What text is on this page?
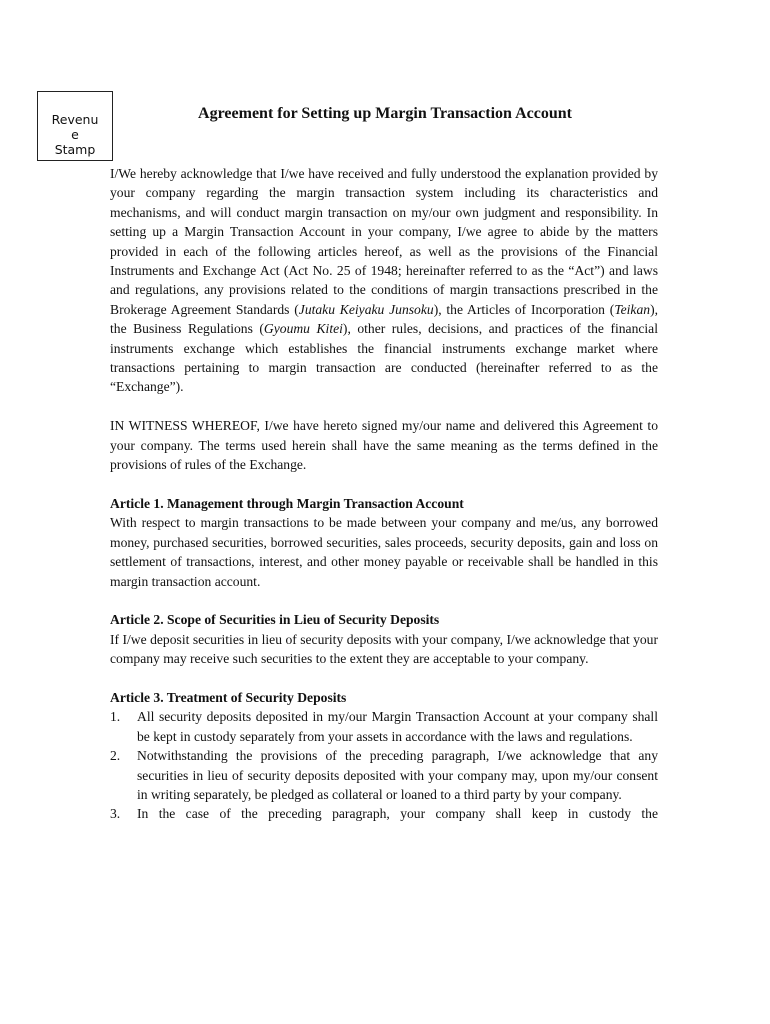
Revenu
e
Stamp
Agreement for Setting up Margin Transaction Account

I/We hereby acknowledge that I/we have received and fully understood the explanation provided by your company regarding the margin transaction system including its characteristics and mechanisms, and will conduct margin transaction on my/our own judgment and responsibility. In setting up a Margin Transaction Account in your company, I/we agree to abide by the matters provided in each of the following articles hereof, as well as the provisions of the Financial Instruments and Exchange Act (Act No. 25 of 1948; hereinafter referred to as the “Act”) and laws and regulations, any provisions related to the conditions of margin transactions prescribed in the Brokerage Agreement Standards (Jutaku Keiyaku Junsoku), the Articles of Incorporation (Teikan), the Business Regulations (Gyoumu Kitei), other rules, decisions, and practices of the financial instruments exchange which establishes the financial instruments exchange market where transactions pertaining to margin transaction are conducted (hereinafter referred to as the “Exchange”).

IN WITNESS WHEREOF, I/we have hereto signed my/our name and delivered this Agreement to your company. The terms used herein shall have the same meaning as the terms defined in the provisions of rules of the Exchange.

Article 1. Management through Margin Transaction Account

With respect to margin transactions to be made between your company and me/us, any borrowed money, purchased securities, borrowed securities, sales proceeds, security deposits, gain and loss on settlement of transactions, interest, and other money payable or receivable shall be handled in this margin transaction account.

Article 2. Scope of Securities in Lieu of Security Deposits

If I/we deposit securities in lieu of security deposits with your company, I/we acknowledge that your company may receive such securities to the extent they are acceptable to your company.

Article 3. Treatment of Security Deposits
1. All security deposits deposited in my/our Margin Transaction Account at your company shall be kept in custody separately from your assets in accordance with the laws and regulations.
2. Notwithstanding the provisions of the preceding paragraph, I/we acknowledge that any securities in lieu of security deposits deposited with your company may, upon my/our consent in writing separately, be pledged as collateral or loaned to a third party by your company.
3. In the case of the preceding paragraph, your company shall keep in custody the
